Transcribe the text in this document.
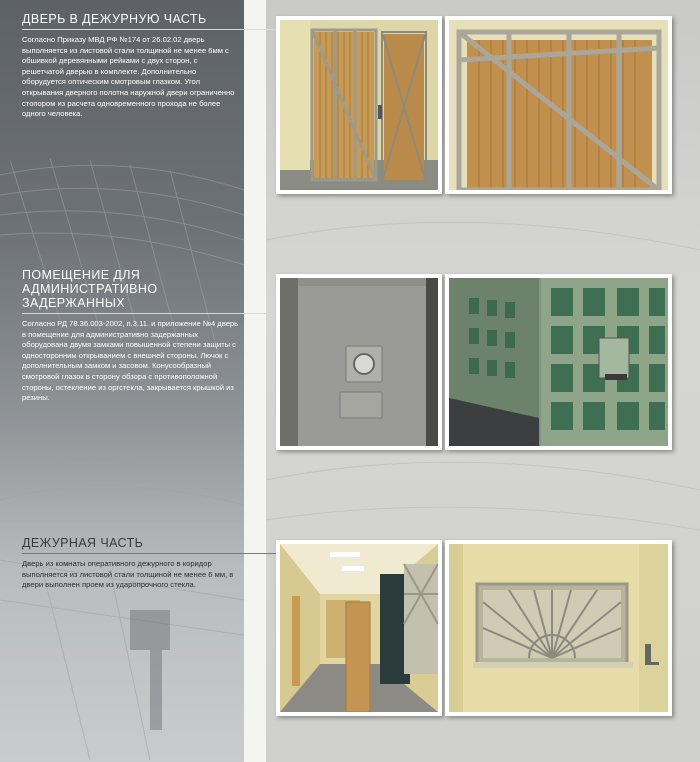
ДВЕРЬ В ДЕЖУРНУЮ ЧАСТЬ

Согласно Приказу МВД РФ №174 от 26.02.02 дверь выполняется из листовой стали толщиной не менее 6мм с обшивкой деревянными рейками с двух сторон, с решетчатой дверью в комплекте. Дополнительно оборудуется оптическим смотровым глазком. Угол открывания дверного полотна наружной двери ограниченно стопором из расчета одновременного прохода не более одного человека.

ПОМЕЩЕНИЕ ДЛЯ АДМИНИСТРАТИВНО ЗАДЕРЖАННЫХ

Согласно РД 78.36.003-2002, п.3.11. и приложение №4 дверь в помещение для административно задержанных оборудована двумя замками повышенной степени защиты с односторонним открыванием с внешней стороны. Лючок с дополнительным замком и засовом. Конусообразный смотровой глазок в сторону обзора с противоположной стороны, остекление из оргстекла, закрывается крышкой из резины.

ДЕЖУРНАЯ ЧАСТЬ

Дверь из комнаты оперативного дежурного в коридор выполняется из листовой стали толщиной не менее 6 мм, в двери выполнен проем из ударопрочного стекла.
